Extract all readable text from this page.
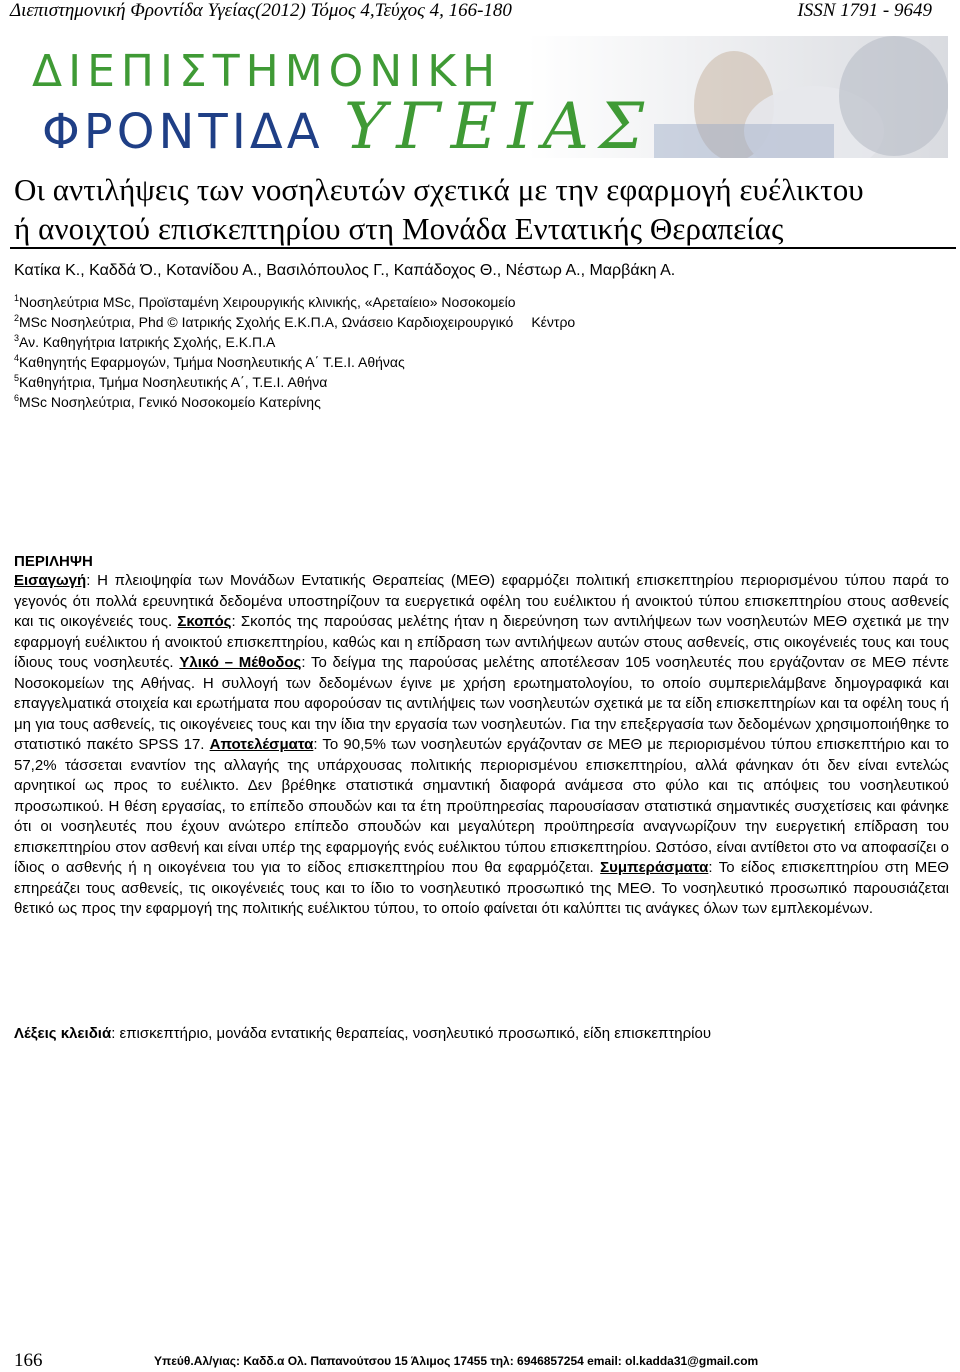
Διεπιστημονική Φροντίδα Υγείας(2012) Τόμος 4,Τεύχος 4, 166-180	ISSN 1791 - 9649
ΔΙΕΠΙΣΤΗΜΟΝΙΚΗ
ΦΡΟΝΤΙΔΑ ΥΓΕΙΑΣ
Οι αντιλήψεις των νοσηλευτών σχετικά με την εφαρμογή ευέλικτου
ή ανοιχτού επισκεπτηρίου στη Μονάδα Εντατικής Θεραπείας
Κατίκα Κ., Καδδά Ό., Κοτανίδου Α., Βασιλόπουλος Γ., Καπάδοχος Θ., Νέστωρ Α., Μαρβάκη Α.
$^1$Νοσηλεύτρια MSc, Προϊσταμένη Χειρουργικής κλινικής, «Αρεταίειο» Νοσοκομείο
$^2$MSc Νοσηλεύτρια, Phd © Ιατρικής Σχολής Ε.Κ.Π.Α, Ωνάσειο Καρδιοχειρουργικό Κέντρο
$^3$Αν. Καθηγήτρια Ιατρικής Σχολής, Ε.Κ.Π.Α
$^4$Καθηγητής Εφαρμογών, Τμήμα Νοσηλευτικής Α΄ Τ.Ε.Ι. Αθήνας
$^5$Καθηγήτρια, Τμήμα Νοσηλευτικής Α΄, Τ.Ε.Ι. Αθήνα
$^6$MSc Νοσηλεύτρια, Γενικό Νοσοκομείο Κατερίνης
ΠΕΡΙΛΗΨΗ
Εισαγωγή: Η πλειοψηφία των Μονάδων Εντατικής Θεραπείας (ΜΕΘ) εφαρμόζει πολιτική επισκεπτηρίου περιορισμένου τύπου παρά το γεγονός ότι πολλά ερευνητικά δεδομένα υποστηρίζουν τα ευεργετικά οφέλη του ευέλικτου ή ανοικτού τύπου επισκεπτηρίου στους ασθενείς και τις οικογένειές τους. Σκοπός: Σκοπός της παρούσας μελέτης ήταν η διερεύνηση των αντιλήψεων των νοσηλευτών ΜΕΘ σχετικά με την εφαρμογή ευέλικτου ή ανοικτού επισκεπτηρίου, καθώς και η επίδραση των αντιλήψεων αυτών στους ασθενείς, στις οικογένειές τους και τους ίδιους τους νοσηλευτές. Υλικό – Μέθοδος: Το δείγμα της παρούσας μελέτης αποτέλεσαν 105 νοσηλευτές που εργάζονταν σε ΜΕΘ πέντε Νοσοκομείων της Αθήνας. Η συλλογή των δεδομένων έγινε με χρήση ερωτηματολογίου, το οποίο συμπεριελάμβανε δημογραφικά και επαγγελματικά στοιχεία και ερωτήματα που αφορούσαν τις αντιλήψεις των νοσηλευτών σχετικά με τα είδη επισκεπτηρίων και τα οφέλη τους ή μη για τους ασθενείς, τις οικογένειες τους και την ίδια την εργασία των νοσηλευτών. Για την επεξεργασία των δεδομένων χρησιμοποιήθηκε το στατιστικό πακέτο SPSS 17. Αποτελέσματα: Το 90,5% των νοσηλευτών εργάζονταν σε ΜΕΘ με περιορισμένου τύπου επισκεπτήριο και το 57,2% τάσσεται εναντίον της αλλαγής της υπάρχουσας πολιτικής περιορισμένου επισκεπτηρίου, αλλά φάνηκαν ότι δεν είναι εντελώς αρνητικοί ως προς το ευέλικτο. Δεν βρέθηκε στατιστικά σημαντική διαφορά ανάμεσα στο φύλο και τις απόψεις του νοσηλευτικού προσωπικού. Η θέση εργασίας, το επίπεδο σπουδών και τα έτη προϋπηρεσίας παρουσίασαν στατιστικά σημαντικές συσχετίσεις και φάνηκε ότι οι νοσηλευτές που έχουν ανώτερο επίπεδο σπουδών και μεγαλύτερη προϋπηρεσία αναγνωρίζουν την ευεργετική επίδραση του επισκεπτηρίου στον ασθενή και είναι υπέρ της εφαρμογής ενός ευέλικτου τύπου επισκεπτηρίου. Ωστόσο, είναι αντίθετοι στο να αποφασίζει ο ίδιος ο ασθενής ή η οικογένεια του για το είδος επισκεπτηρίου που θα εφαρμόζεται. Συμπεράσματα: Το είδος επισκεπτηρίου στη ΜΕΘ επηρεάζει τους ασθενείς, τις οικογένειές τους και το ίδιο το νοσηλευτικό προσωπικό της ΜΕΘ. Το νοσηλευτικό προσωπικό παρουσιάζεται θετικό ως προς την εφαρμογή της πολιτικής ευέλικτου τύπου, το οποίο φαίνεται ότι καλύπτει τις ανάγκες όλων των εμπλεκομένων.
Λέξεις κλειδιά: επισκεπτήριο, μονάδα εντατικής θεραπείας, νοσηλευτικό προσωπικό, είδη επισκεπτηρίου
166	Υπεύθ.Αλ/γιας: Καδδ.α Ολ. Παπανούτσου 15 Άλιμος 17455 τηλ: 6946857254 email: ol.kadda31@gmail.com
